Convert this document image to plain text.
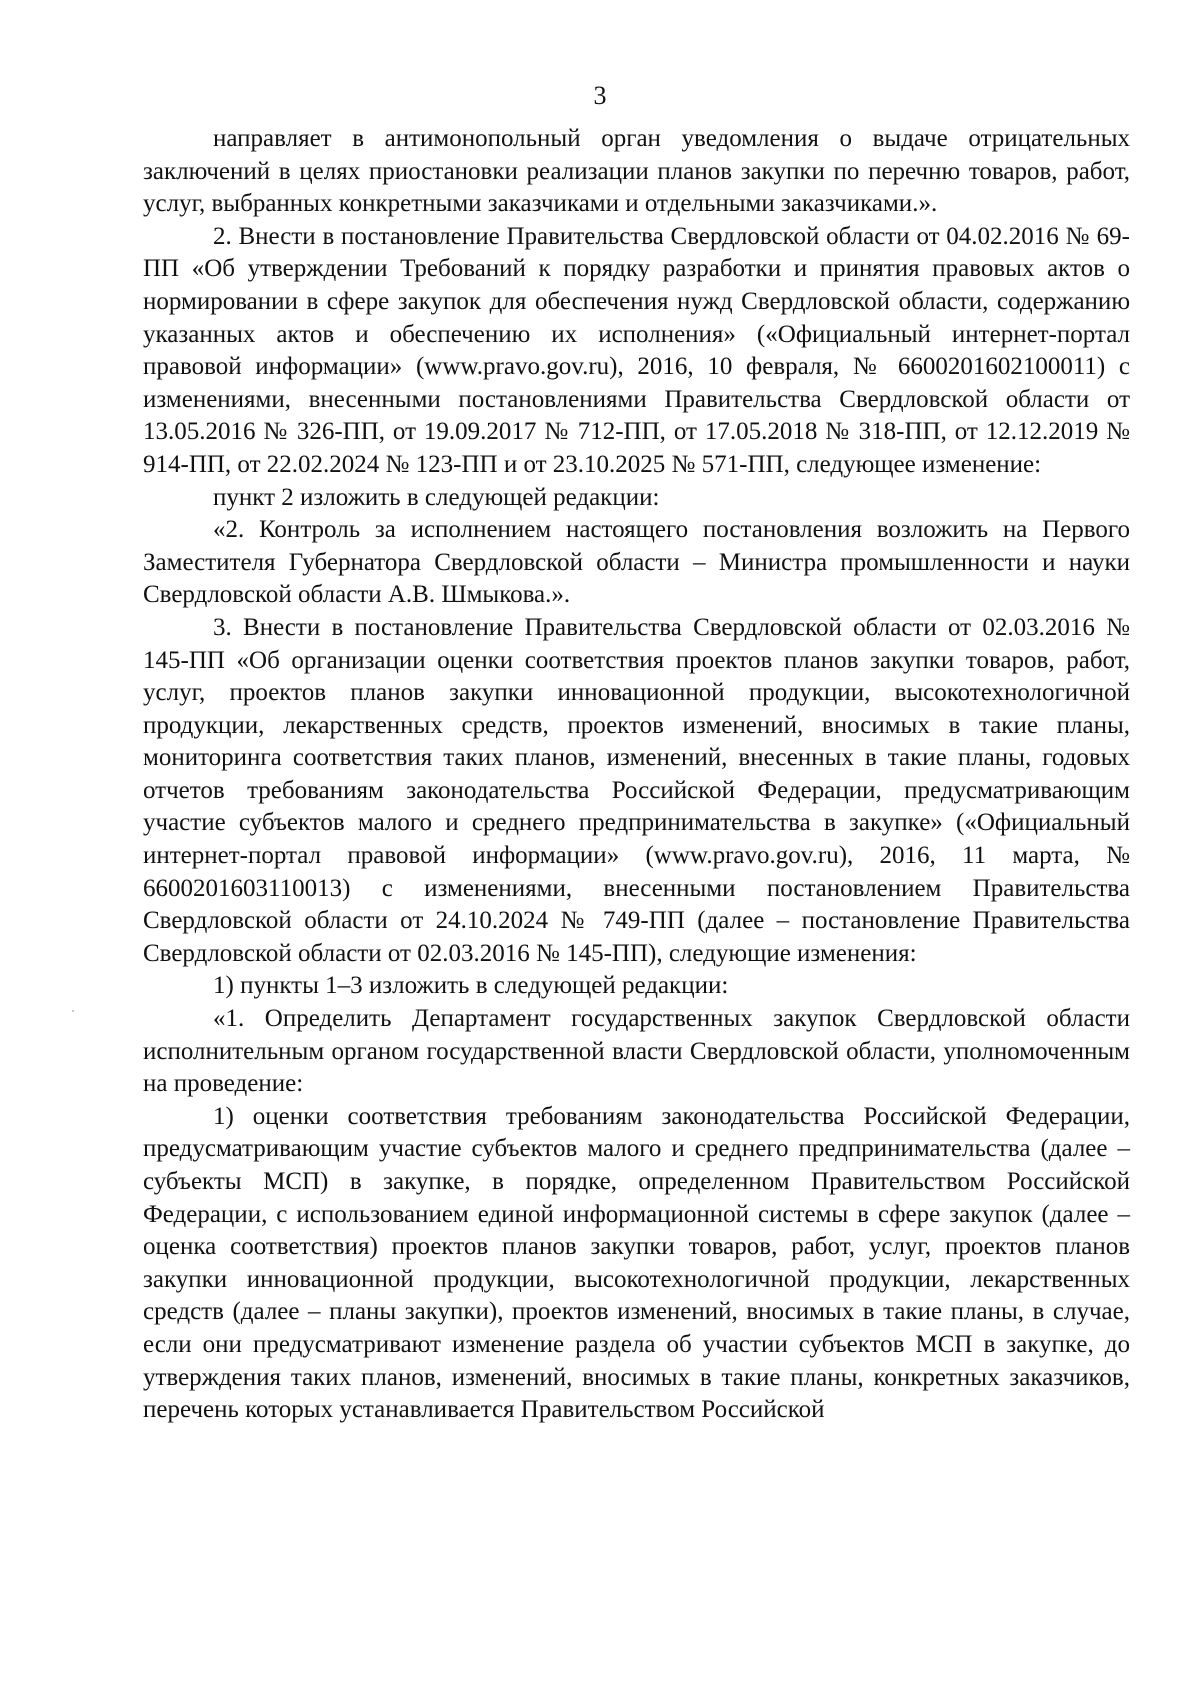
3

направляет в антимонопольный орган уведомления о выдаче отрицательных заключений в целях приостановки реализации планов закупки по перечню товаров, работ, услуг, выбранных конкретными заказчиками и отдельными заказчиками.».

2. Внести в постановление Правительства Свердловской области от 04.02.2016 № 69-ПП «Об утверждении Требований к порядку разработки и принятия правовых актов о нормировании в сфере закупок для обеспечения нужд Свердловской области, содержанию указанных актов и обеспечению их исполнения» («Официальный интернет-портал правовой информации» (www.pravo.gov.ru), 2016, 10 февраля, № 6600201602100011) с изменениями, внесенными постановлениями Правительства Свердловской области от 13.05.2016 № 326-ПП, от 19.09.2017 № 712-ПП, от 17.05.2018 № 318-ПП, от 12.12.2019 № 914-ПП, от 22.02.2024 № 123-ПП и от 23.10.2025 № 571-ПП, следующее изменение:

пункт 2 изложить в следующей редакции:

«2. Контроль за исполнением настоящего постановления возложить на Первого Заместителя Губернатора Свердловской области – Министра промышленности и науки Свердловской области А.В. Шмыкова.».

3. Внести в постановление Правительства Свердловской области от 02.03.2016 № 145-ПП «Об организации оценки соответствия проектов планов закупки товаров, работ, услуг, проектов планов закупки инновационной продукции, высокотехнологичной продукции, лекарственных средств, проектов изменений, вносимых в такие планы, мониторинга соответствия таких планов, изменений, внесенных в такие планы, годовых отчетов требованиям законодательства Российской Федерации, предусматривающим участие субъектов малого и среднего предпринимательства в закупке» («Официальный интернет-портал правовой информации» (www.pravo.gov.ru), 2016, 11 марта, № 6600201603110013) с изменениями, внесенными постановлением Правительства Свердловской области от 24.10.2024 № 749-ПП (далее – постановление Правительства Свердловской области от 02.03.2016 № 145-ПП), следующие изменения:

1) пункты 1–3 изложить в следующей редакции:

«1. Определить Департамент государственных закупок Свердловской области исполнительным органом государственной власти Свердловской области, уполномоченным на проведение:

1) оценки соответствия требованиям законодательства Российской Федерации, предусматривающим участие субъектов малого и среднего предпринимательства (далее – субъекты МСП) в закупке, в порядке, определенном Правительством Российской Федерации, с использованием единой информационной системы в сфере закупок (далее – оценка соответствия) проектов планов закупки товаров, работ, услуг, проектов планов закупки инновационной продукции, высокотехнологичной продукции, лекарственных средств (далее – планы закупки), проектов изменений, вносимых в такие планы, в случае, если они предусматривают изменение раздела об участии субъектов МСП в закупке, до утверждения таких планов, изменений, вносимых в такие планы, конкретных заказчиков, перечень которых устанавливается Правительством Российской
